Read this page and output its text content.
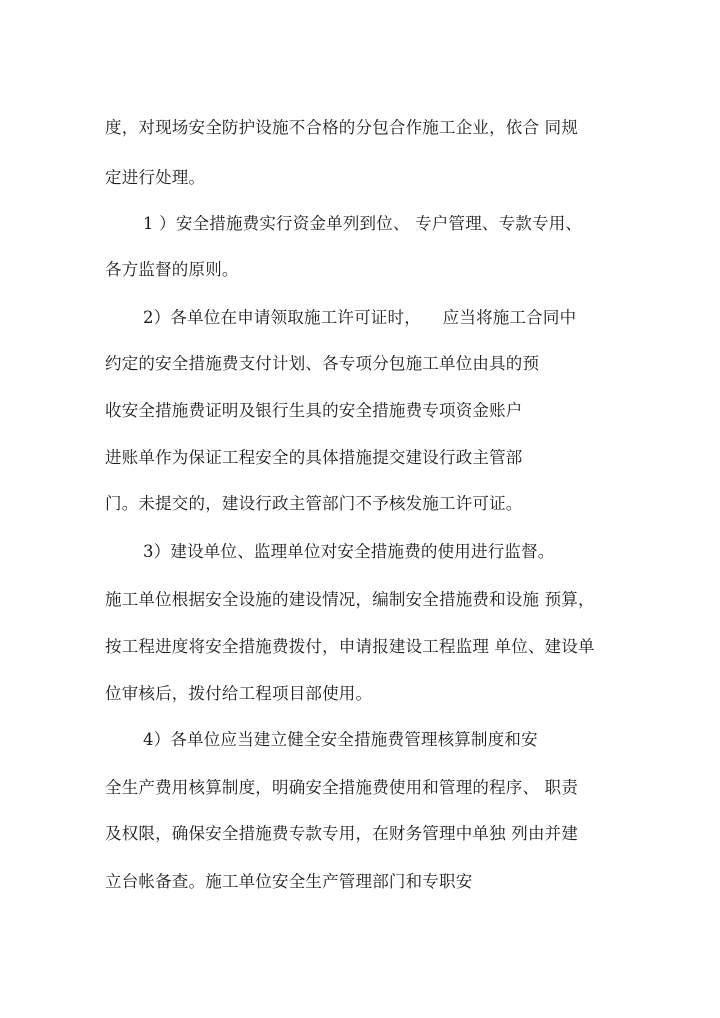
度，对现场安全防护设施不合格的分包合作施工企业，依合 同规
定进行处理。
1 ）安全措施费实行资金单列到位、 专户管理、专款专用、
各方监督的原则。
2）各单位在申请领取施工许可证时，    应当将施工合同中
约定的安全措施费支付计划、各专项分包施工单位由具的预
收安全措施费证明及银行生具的安全措施费专项资金账户
进账单作为保证工程安全的具体措施提交建设行政主管部
门。未提交的，建设行政主管部门不予核发施工许可证。
3）建设单位、监理单位对安全措施费的使用进行监督。
施工单位根据安全设施的建设情况，编制安全措施费和设施 预算，
按工程进度将安全措施费拨付，申请报建设工程监理 单位、建设单
位审核后，拨付给工程项目部使用。
4）各单位应当建立健全安全措施费管理核算制度和安
全生产费用核算制度，明确安全措施费使用和管理的程序、 职责
及权限，确保安全措施费专款专用，在财务管理中单独 列由并建
立台帐备查。施工单位安全生产管理部门和专职安
